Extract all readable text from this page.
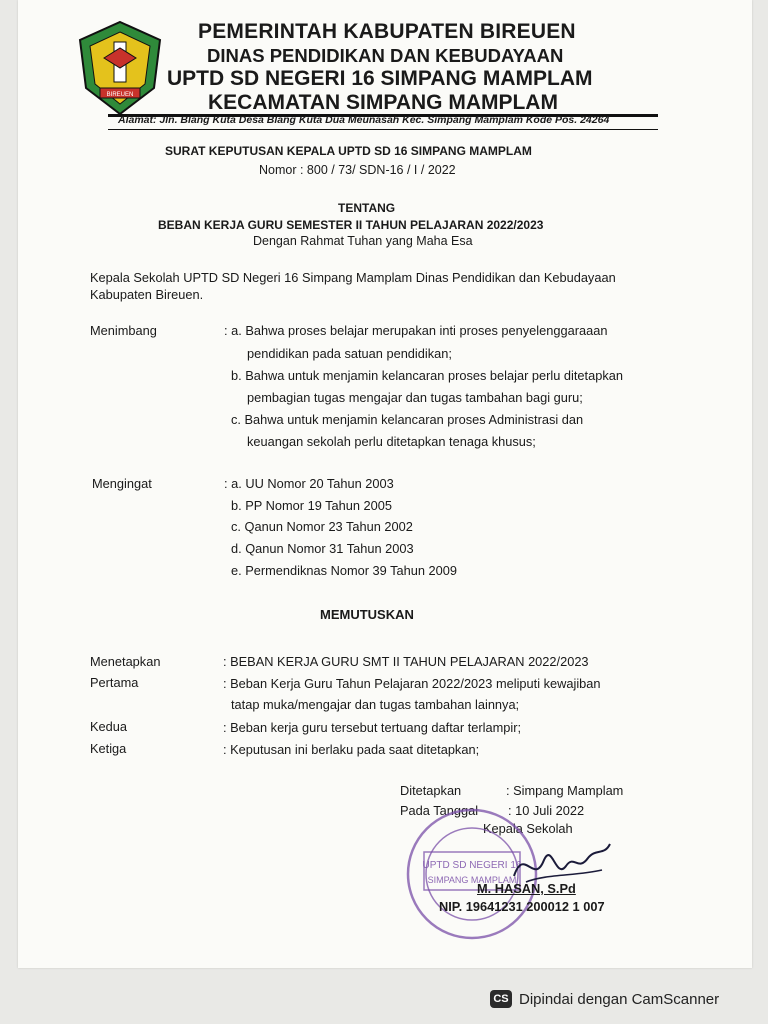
BIREUEN
PEMERINTAH KABUPATEN BIREUEN
DINAS PENDIDIKAN DAN KEBUDAYAAN
UPTD SD NEGERI 16 SIMPANG MAMPLAM
KECAMATAN SIMPANG MAMPLAM
Alamat: Jln. Blang Kuta Desa Blang Kuta Dua Meunasah Kec. Simpang Mamplam Kode Pos. 24264
SURAT KEPUTUSAN KEPALA UPTD SD 16 SIMPANG MAMPLAM
Nomor : 800 / 73/ SDN-16 / I / 2022
TENTANG
BEBAN KERJA GURU SEMESTER II TAHUN PELAJARAN 2022/2023
Dengan Rahmat Tuhan yang Maha Esa
Kepala Sekolah UPTD SD Negeri 16 Simpang Mamplam Dinas Pendidikan dan Kebudayaan
Kabupaten Bireuen.
Menimbang	: a. Bahwa proses belajar merupakan inti proses penyelenggaraaan
pendidikan pada satuan pendidikan;
b. Bahwa untuk menjamin kelancaran proses belajar perlu ditetapkan
pembagian tugas mengajar dan tugas tambahan bagi guru;
c. Bahwa untuk menjamin kelancaran proses Administrasi dan
keuangan sekolah perlu ditetapkan tenaga khusus;
Mengingat	: a. UU Nomor 20 Tahun 2003
b. PP Nomor 19 Tahun 2005
c. Qanun Nomor 23 Tahun 2002
d. Qanun Nomor 31 Tahun 2003
e. Permendiknas Nomor 39 Tahun 2009
MEMUTUSKAN
Menetapkan	: BEBAN KERJA GURU SMT II TAHUN PELAJARAN 2022/2023
Pertama	: Beban Kerja Guru Tahun Pelajaran 2022/2023 meliputi kewajiban
tatap muka/mengajar dan tugas tambahan lainnya;
Kedua	: Beban kerja guru tersebut tertuang daftar terlampir;
Ketiga	: Keputusan ini berlaku pada saat ditetapkan;
Ditetapkan	: Simpang Mamplam
Pada Tanggal : 10 Juli 2022
Kepala Sekolah
UPTD SD NEGERI 16
SIMPANG MAMPLAM
M. HASAN, S.Pd
NIP. 19641231 200012 1 007
CS Dipindai dengan CamScanner
